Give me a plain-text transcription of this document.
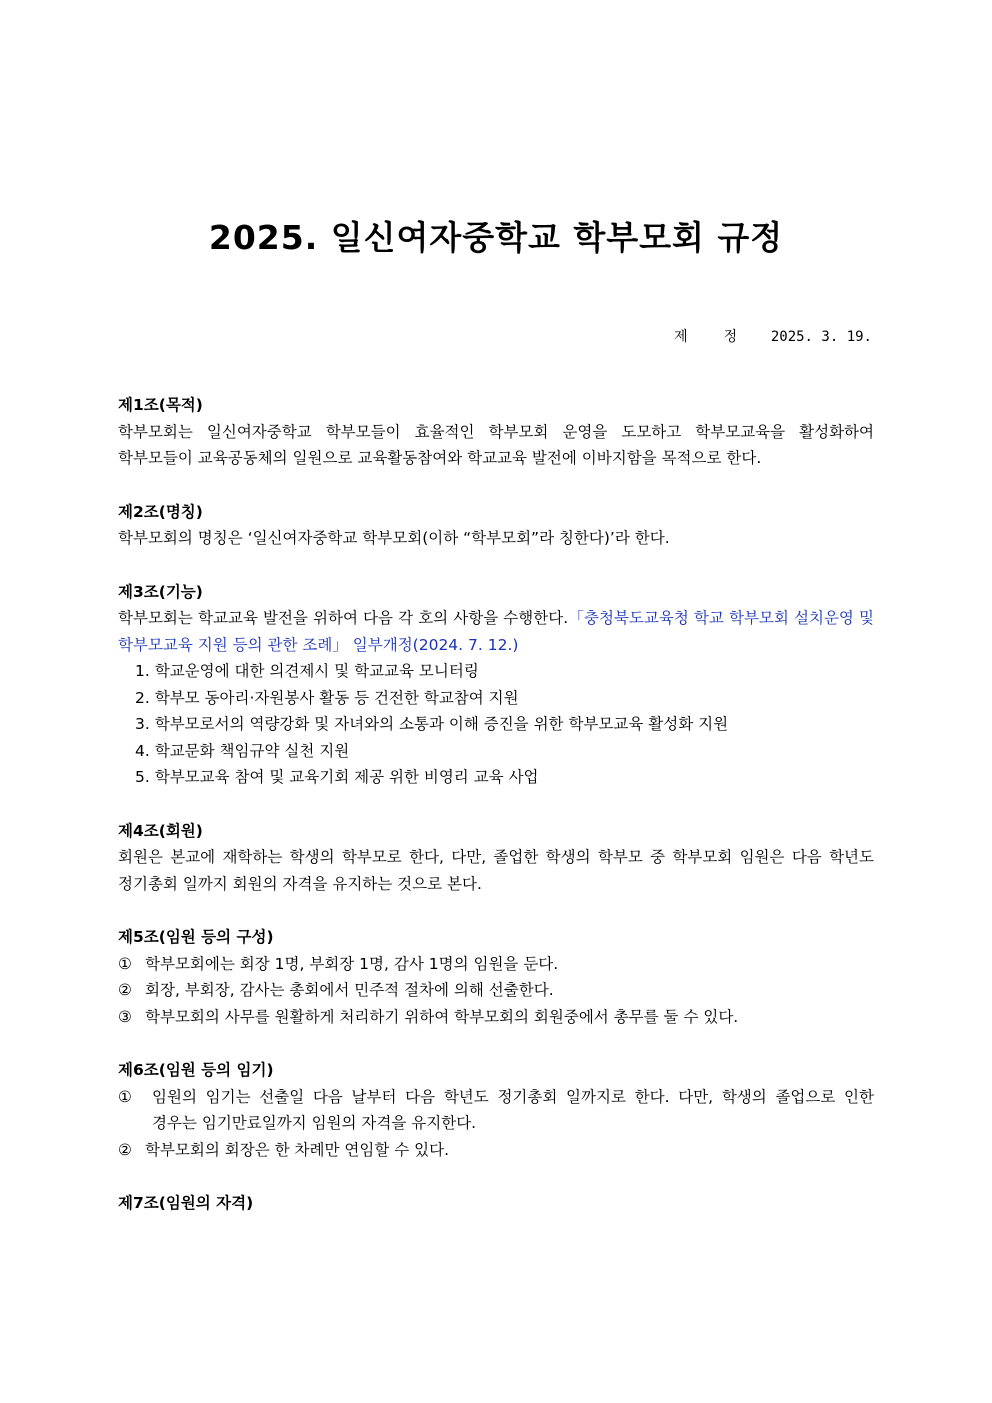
2025. 일신여자중학교 학부모회 규정
제	정 2025. 3. 19.

제1조(목적)

학부모회는 일신여자중학교 학부모들이 효율적인 학부모회 운영을 도모하고 학부모교육을 활성화하여 학부모들이 교육공동체의 일원으로 교육활동참여와 학교교육 발전에 이바지함을 목적으로 한다.

제2조(명칭)

학부모회의 명칭은 ‘일신여자중학교 학부모회(이하 “학부모회”라 칭한다)’라 한다.

제3조(기능)

학부모회는 학교교육 발전을 위하여 다음 각 호의 사항을 수행한다.「충청북도교육청 학교 학부모회 설치운영 및 학부모교육 지원 등의 관한 조례」 일부개정(2024. 7. 12.)

1. 학교운영에 대한 의견제시 및 학교교육 모니터링
2. 학부모 동아리·자원봉사 활동 등 건전한 학교참여 지원
3. 학부모로서의 역량강화 및 자녀와의 소통과 이해 증진을 위한 학부모교육 활성화 지원
4. 학교문화 책임규약 실천 지원
5. 학부모교육 참여 및 교육기회 제공 위한 비영리 교육 사업

제4조(회원)

회원은 본교에 재학하는 학생의 학부모로 한다, 다만, 졸업한 학생의 학부모 중 학부모회 임원은 다음 학년도 정기총회 일까지 회원의 자격을 유지하는 것으로 본다.

제5조(임원 등의 구성)

① 학부모회에는 회장 1명, 부회장 1명, 감사 1명의 임원을 둔다.
② 회장, 부회장, 감사는 총회에서 민주적 절차에 의해 선출한다.
③ 학부모회의 사무를 원활하게 처리하기 위하여 학부모회의 회원중에서 총무를 둘 수 있다.

제6조(임원 등의 임기)

① 임원의 임기는 선출일 다음 날부터 다음 학년도 정기총회 일까지로 한다. 다만, 학생의 졸업으로 인한 경우는 임기만료일까지 임원의 자격을 유지한다.
② 학부모회의 회장은 한 차례만 연임할 수 있다.

제7조(임원의 자격)
